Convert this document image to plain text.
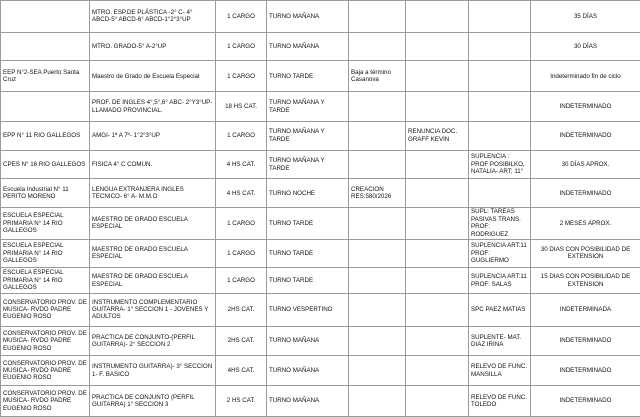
	MTRO. ESP.DE PLÁSTICA -2° C- 4° ABCD-5° ABCD-6° ABCD-1°2°3°UP	1 CARGO	TURNO MAÑANA				35 DÍAS
	MTRO. GRADO-5° A-2°UP	1 CARGO	TURNO MAÑANA				30 DÍAS
EEP N°2-SEA Puerto Santa Cruz	Maestro de Grado de Escuela Especial	1 CARGO	TURNO TARDE	Baja a término Casanova			Indeterminado fin de ciclo
	PROF. DE INGLES 4°,5°,6° ABC- 2°Y3°UP- LLAMADO PROVINCIAL.	18 HS CAT.	TURNO MAÑANA Y TARDE				INDETERMINADO
EPP N° 11 RIO GALLEGOS	AMGI- 1ª A 7º- 1°2°3°UP	1 CARGO	TURNO MAÑANA Y TARDE		RENUNCIA DOC. GRAFF KEVIN		INDETERMINADO
CPES N° 16 RIO GALLEGOS	FISICA 4° C COMUN.	4 HS CAT.	TURNO MAÑANA Y TARDE			SUPLENCIA : PROF POSIBILKO, NATALIA- ART; 11°	30 DÍAS APROX.
Escuela Industrial N° 11 PERITO MORENO	LENGUA EXTRANJERA INGLES TECNICO- 6° A- M.M.O	4 HS CAT.	TURNO NOCHE	CREACION RES:580/2026			INDETERMINADO
ESCUELA ESPECIAL PRIMARIA N° 14 RIO GALLEGOS	MAESTRO DE GRADO ESCUELA ESPECIAL	1 CARGO	TURNO TARDE			SUPL: TAREAS PASIVAS TRANS. PROF: RODRIGUEZ	2 MESES APROX.
ESCUELA ESPECIAL PRIMARIA N° 14 RIO GALLEGOS	MAESTRO DE GRADO ESCUELA ESPECIAL	1 CARGO	TURNO TARDE			SUPLENCIA ART:11 PROF: GUGLIERMO	30 DIAS CON POSIBILIDAD DE EXTENSION
ESCUELA ESPECIAL PRIMARIA N° 14 RIO GALLEGOS	MAESTRO DE GRADO ESCUELA ESPECIAL	1 CARGO	TURNO TARDE			SUPLENCIA ART:11 PROF: SALAS	15 DIAS CON POSIBILIDAD DE EXTENSION
CONSERVATORIO PROV. DE MUSICA- RVDO PADRE EUGENIO ROSO	INSTRUMENTO COMPLEMENTARIO GUITARRA- 1° SECCION 1 - JOVENES Y ADULTOS	2HS CAT.	TURNO VESPERTINO			SPC PAEZ MATIAS	INDETERMINADA
CONSERVATORIO PROV. DE MUSICA- RVDO PADRE EUGENIO ROSO	PRACTICA DE CONJUNTO-(PERFIL GUITARRA)- 2° SECCION 2	2HS CAT.	TURNO MAÑANA			SUPLENTE- MAT. DIAZ IRINA	INDETERMINADO
CONSERVATORIO PROV. DE MUSICA- RVDO PADRE EUGENIO ROSO	INSTRUMENTO GUITARRA)- 3° SECCION 1- F. BASICO	4HS CAT.	TURNO MAÑANA			RELEVO DE FUNC. MANSILLA	INDETERMINADO
CONSERVATORIO PROV. DE MUSICA- RVDO PADRE EUGENIO ROSO	PRACTICA DE CONJUNTO (PERFIL GUITARRA) 1° SECCION 3	2 HS CAT.	TURNO MAÑANA			RELEVO DE FUNC. TOLEDO	INDETERMINADO
